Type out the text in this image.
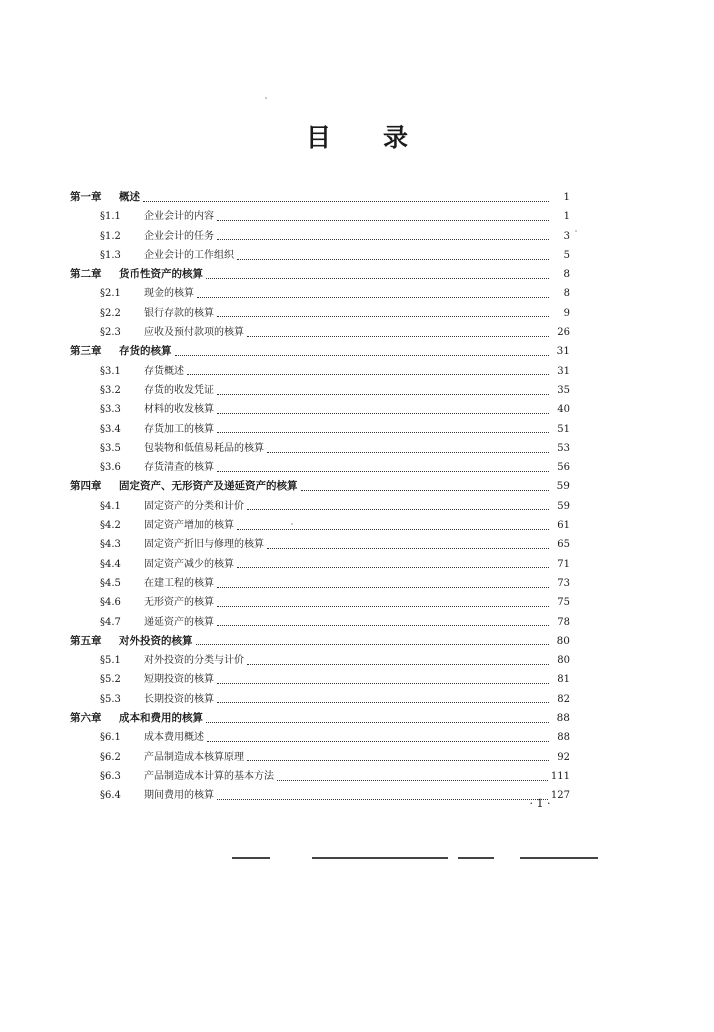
目 录
第一章	概述	1
§1.1	企业会计的内容	1
§1.2	企业会计的任务	3
§1.3	企业会计的工作组织	5
第二章	货币性资产的核算	8
§2.1	现金的核算	8
§2.2	银行存款的核算	9
§2.3	应收及预付款项的核算	26
第三章	存货的核算	31
§3.1	存货概述	31
§3.2	存货的收发凭证	35
§3.3	材料的收发核算	40
§3.4	存货加工的核算	51
§3.5	包装物和低值易耗品的核算	53
§3.6	存货清查的核算	56
第四章	固定资产、无形资产及递延资产的核算	59
§4.1	固定资产的分类和计价	59
§4.2	固定资产增加的核算	61
§4.3	固定资产折旧与修理的核算	65
§4.4	固定资产减少的核算	71
§4.5	在建工程的核算	73
§4.6	无形资产的核算	75
§4.7	递延资产的核算	78
第五章	对外投资的核算	80
§5.1	对外投资的分类与计价	80
§5.2	短期投资的核算	81
§5.3	长期投资的核算	82
第六章	成本和费用的核算	88
§6.1	成本费用概述	88
§6.2	产品制造成本核算原理	92
§6.3	产品制造成本计算的基本方法	111
§6.4	期间费用的核算	127
· 1 ·
